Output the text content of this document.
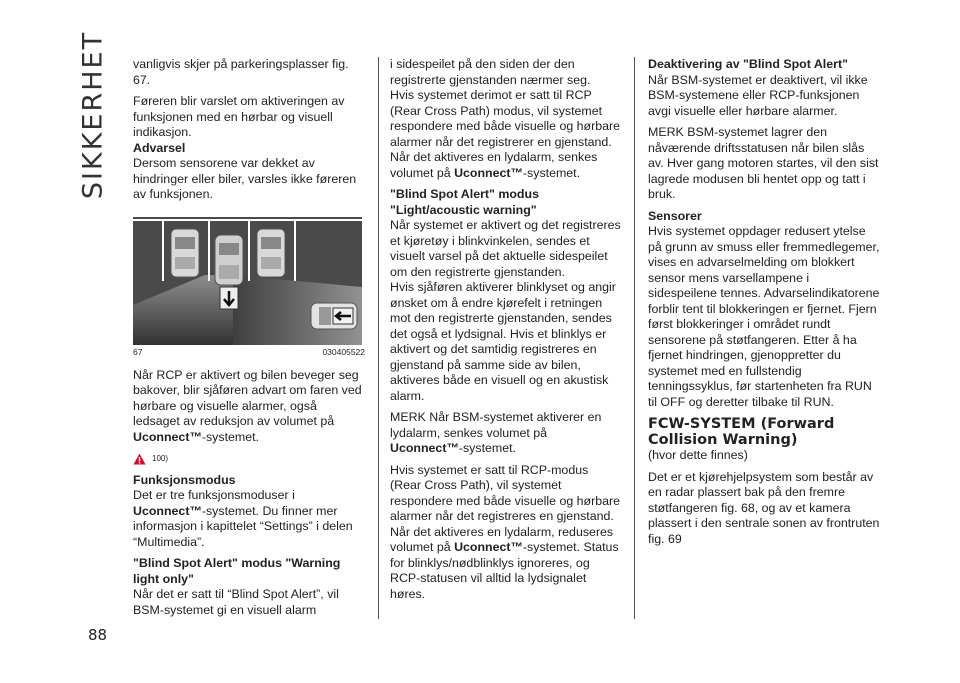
SIKKERHET
88

vanligvis skjer på parkeringsplasser fig. 67.

Føreren blir varslet om aktiveringen av funksjonen med en hørbar og visuell indikasjon.

Advarsel

Dersom sensorene var dekket av hindringer eller biler, varsles ikke føreren av funksjonen.

67	030405522

Når RCP er aktivert og bilen beveger seg bakover, blir sjåføren advart om faren ved hørbare og visuelle alarmer, også ledsaget av reduksjon av volumet på Uconnect™-systemet.

100)
Funksjonsmodus

Det er tre funksjonsmoduser i Uconnect™-systemet. Du finner mer informasjon i kapittelet “Settings” i delen “Multimedia”.

"Blind Spot Alert" modus "Warning light only"

Når det er satt til “Blind Spot Alert”, vil BSM-systemet gi en visuell alarm

i sidespeilet på den siden der den registrerte gjenstanden nærmer seg.

Hvis systemet derimot er satt til RCP (Rear Cross Path) modus, vil systemet respondere med både visuelle og hørbare alarmer når det registrerer en gjenstand. Når det aktiveres en lydalarm, senkes volumet på Uconnect™-systemet.

"Blind Spot Alert" modus "Light/acoustic warning"

Når systemet er aktivert og det registreres et kjøretøy i blinkvinkelen, sendes et visuelt varsel på det aktuelle sidespeilet om den registrerte gjenstanden.

Hvis sjåføren aktiverer blinklyset og angir ønsket om å endre kjørefelt i retningen mot den registrerte gjenstanden, sendes det også et lydsignal. Hvis et blinklys er aktivert og det samtidig registreres en gjenstand på samme side av bilen, aktiveres både en visuell og en akustisk alarm.

MERK Når BSM-systemet aktiverer en lydalarm, senkes volumet på Uconnect™-systemet.

Hvis systemet er satt til RCP-modus (Rear Cross Path), vil systemet respondere med både visuelle og hørbare alarmer når det registreres en gjenstand. Når det aktiveres en lydalarm, reduseres volumet på Uconnect™-systemet. Status for blinklys/nødblinklys ignoreres, og RCP-statusen vil alltid la lydsignalet høres.

Deaktivering av "Blind Spot Alert"

Når BSM-systemet er deaktivert, vil ikke BSM-systemene eller RCP-funksjonen avgi visuelle eller hørbare alarmer.

MERK BSM-systemet lagrer den nåværende driftsstatusen når bilen slås av. Hver gang motoren startes, vil den sist lagrede modusen bli hentet opp og tatt i bruk.

Sensorer

Hvis systemet oppdager redusert ytelse på grunn av smuss eller fremmedlegemer, vises en advarselmelding om blokkert sensor mens varsellampene i sidespeilene tennes. Advarselindikatorene forblir tent til blokkeringen er fjernet. Fjern først blokkeringer i området rundt sensorene på støtfangeren. Etter å ha fjernet hindringen, gjenoppretter du systemet med en fullstendig tenningssyklus, før startenheten fra RUN til OFF og deretter tilbake til RUN.

FCW-SYSTEM (Forward Collision Warning)

(hvor dette finnes)

Det er et kjørehjelpsystem som består av en radar plassert bak på den fremre støtfangeren fig. 68, og av et kamera plassert i den sentrale sonen av frontruten fig. 69
